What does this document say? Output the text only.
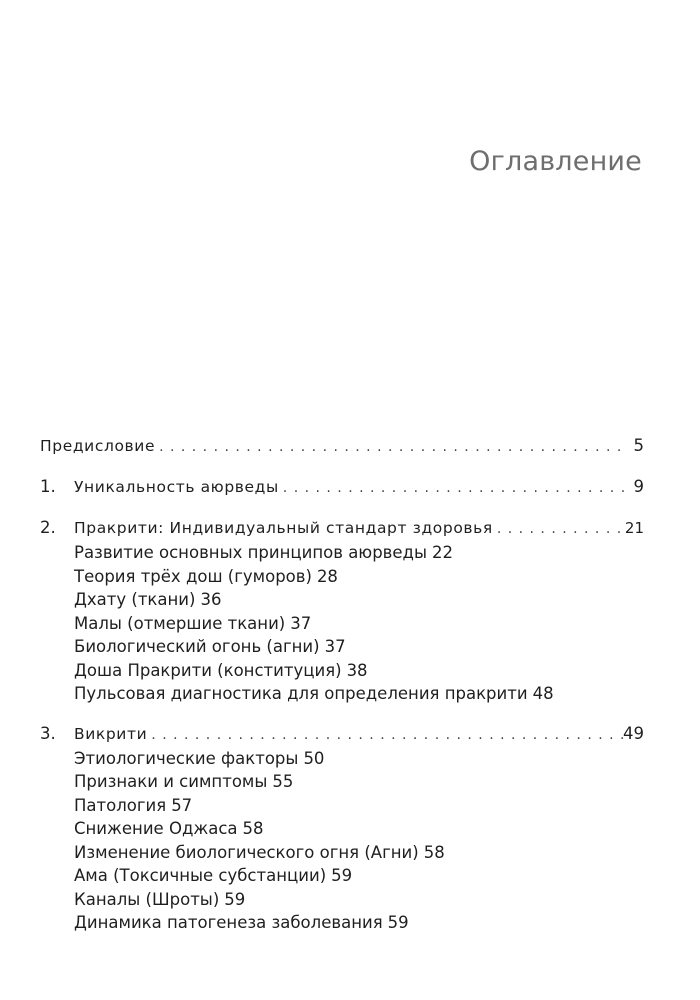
Оглавление
Предисловие . . .	5
1.	Уникальность аюрведы . . .	9
2.	Пракрити: Индивидуальный стандарт здоровья . . .	21
Развитие основных принципов аюрведы 22
Теория трёх дош (гуморов) 28
Дхату (ткани) 36
Малы (отмершие ткани) 37
Биологический огонь (агни) 37
Доша Пракрити (конституция) 38
Пульсовая диагностика для определения пракрити 48
3.	Викрити . . .	49
Этиологические факторы 50
Признаки и симптомы 55
Патология 57
Снижение Оджаса 58
Изменение биологического огня (Агни) 58
Ама (Токсичные субстанции) 59
Каналы (Шроты) 59
Динамика патогенеза заболевания 59
